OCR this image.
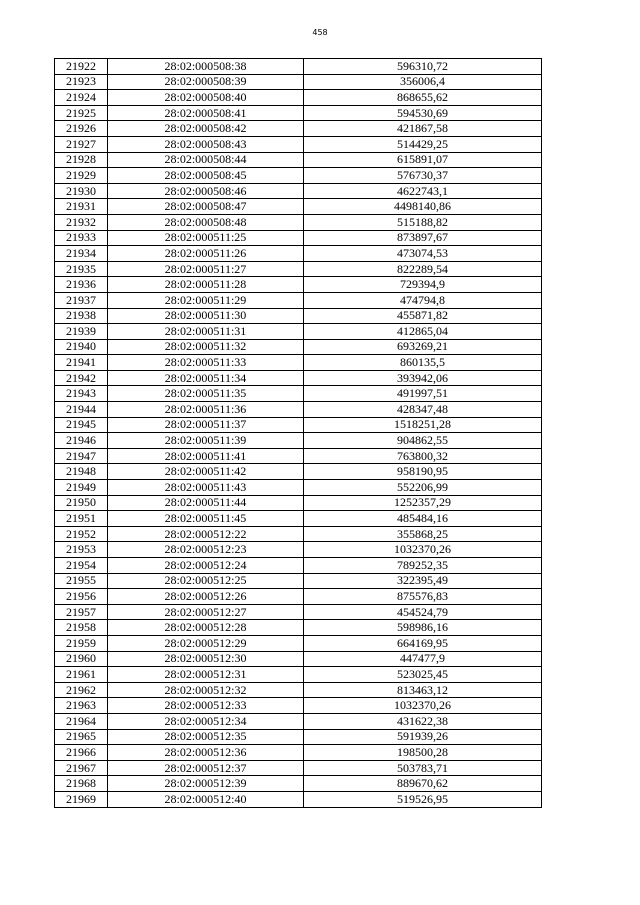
458
21922	28:02:000508:38	596310,72
21923	28:02:000508:39	356006,4
21924	28:02:000508:40	868655,62
21925	28:02:000508:41	594530,69
21926	28:02:000508:42	421867,58
21927	28:02:000508:43	514429,25
21928	28:02:000508:44	615891,07
21929	28:02:000508:45	576730,37
21930	28:02:000508:46	4622743,1
21931	28:02:000508:47	4498140,86
21932	28:02:000508:48	515188,82
21933	28:02:000511:25	873897,67
21934	28:02:000511:26	473074,53
21935	28:02:000511:27	822289,54
21936	28:02:000511:28	729394,9
21937	28:02:000511:29	474794,8
21938	28:02:000511:30	455871,82
21939	28:02:000511:31	412865,04
21940	28:02:000511:32	693269,21
21941	28:02:000511:33	860135,5
21942	28:02:000511:34	393942,06
21943	28:02:000511:35	491997,51
21944	28:02:000511:36	428347,48
21945	28:02:000511:37	1518251,28
21946	28:02:000511:39	904862,55
21947	28:02:000511:41	763800,32
21948	28:02:000511:42	958190,95
21949	28:02:000511:43	552206,99
21950	28:02:000511:44	1252357,29
21951	28:02:000511:45	485484,16
21952	28:02:000512:22	355868,25
21953	28:02:000512:23	1032370,26
21954	28:02:000512:24	789252,35
21955	28:02:000512:25	322395,49
21956	28:02:000512:26	875576,83
21957	28:02:000512:27	454524,79
21958	28:02:000512:28	598986,16
21959	28:02:000512:29	664169,95
21960	28:02:000512:30	447477,9
21961	28:02:000512:31	523025,45
21962	28:02:000512:32	813463,12
21963	28:02:000512:33	1032370,26
21964	28:02:000512:34	431622,38
21965	28:02:000512:35	591939,26
21966	28:02:000512:36	198500,28
21967	28:02:000512:37	503783,71
21968	28:02:000512:39	889670,62
21969	28:02:000512:40	519526,95
